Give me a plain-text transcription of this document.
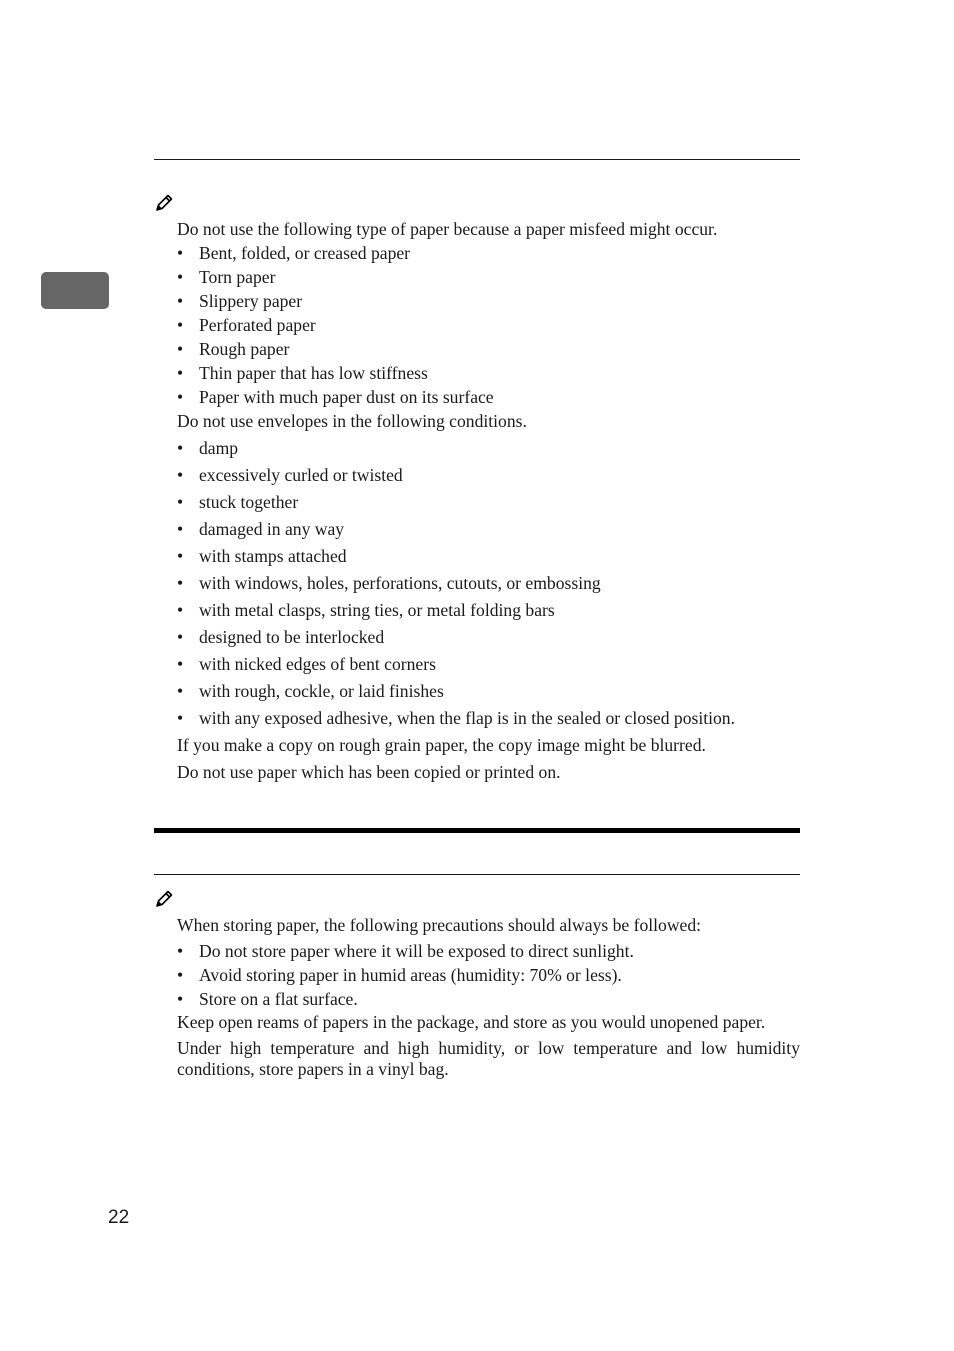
Do not use the following type of paper because a paper misfeed might occur.

• Bent, folded, or creased paper
• Torn paper
• Slippery paper
• Perforated paper
• Rough paper
• Thin paper that has low stiffness
• Paper with much paper dust on its surface

Do not use envelopes in the following conditions.

• damp
• excessively curled or twisted
• stuck together
• damaged in any way
• with stamps attached
• with windows, holes, perforations, cutouts, or embossing
• with metal clasps, string ties, or metal folding bars
• designed to be interlocked
• with nicked edges of bent corners
• with rough, cockle, or laid finishes
• with any exposed adhesive, when the flap is in the sealed or closed position.

If you make a copy on rough grain paper, the copy image might be blurred.

Do not use paper which has been copied or printed on.

When storing paper, the following precautions should always be followed:

• Do not store paper where it will be exposed to direct sunlight.
• Avoid storing paper in humid areas (humidity: 70% or less).
• Store on a flat surface.

Keep open reams of papers in the package, and store as you would unopened paper.

Under high temperature and high humidity, or low temperature and low humidity conditions, store papers in a vinyl bag.

22
